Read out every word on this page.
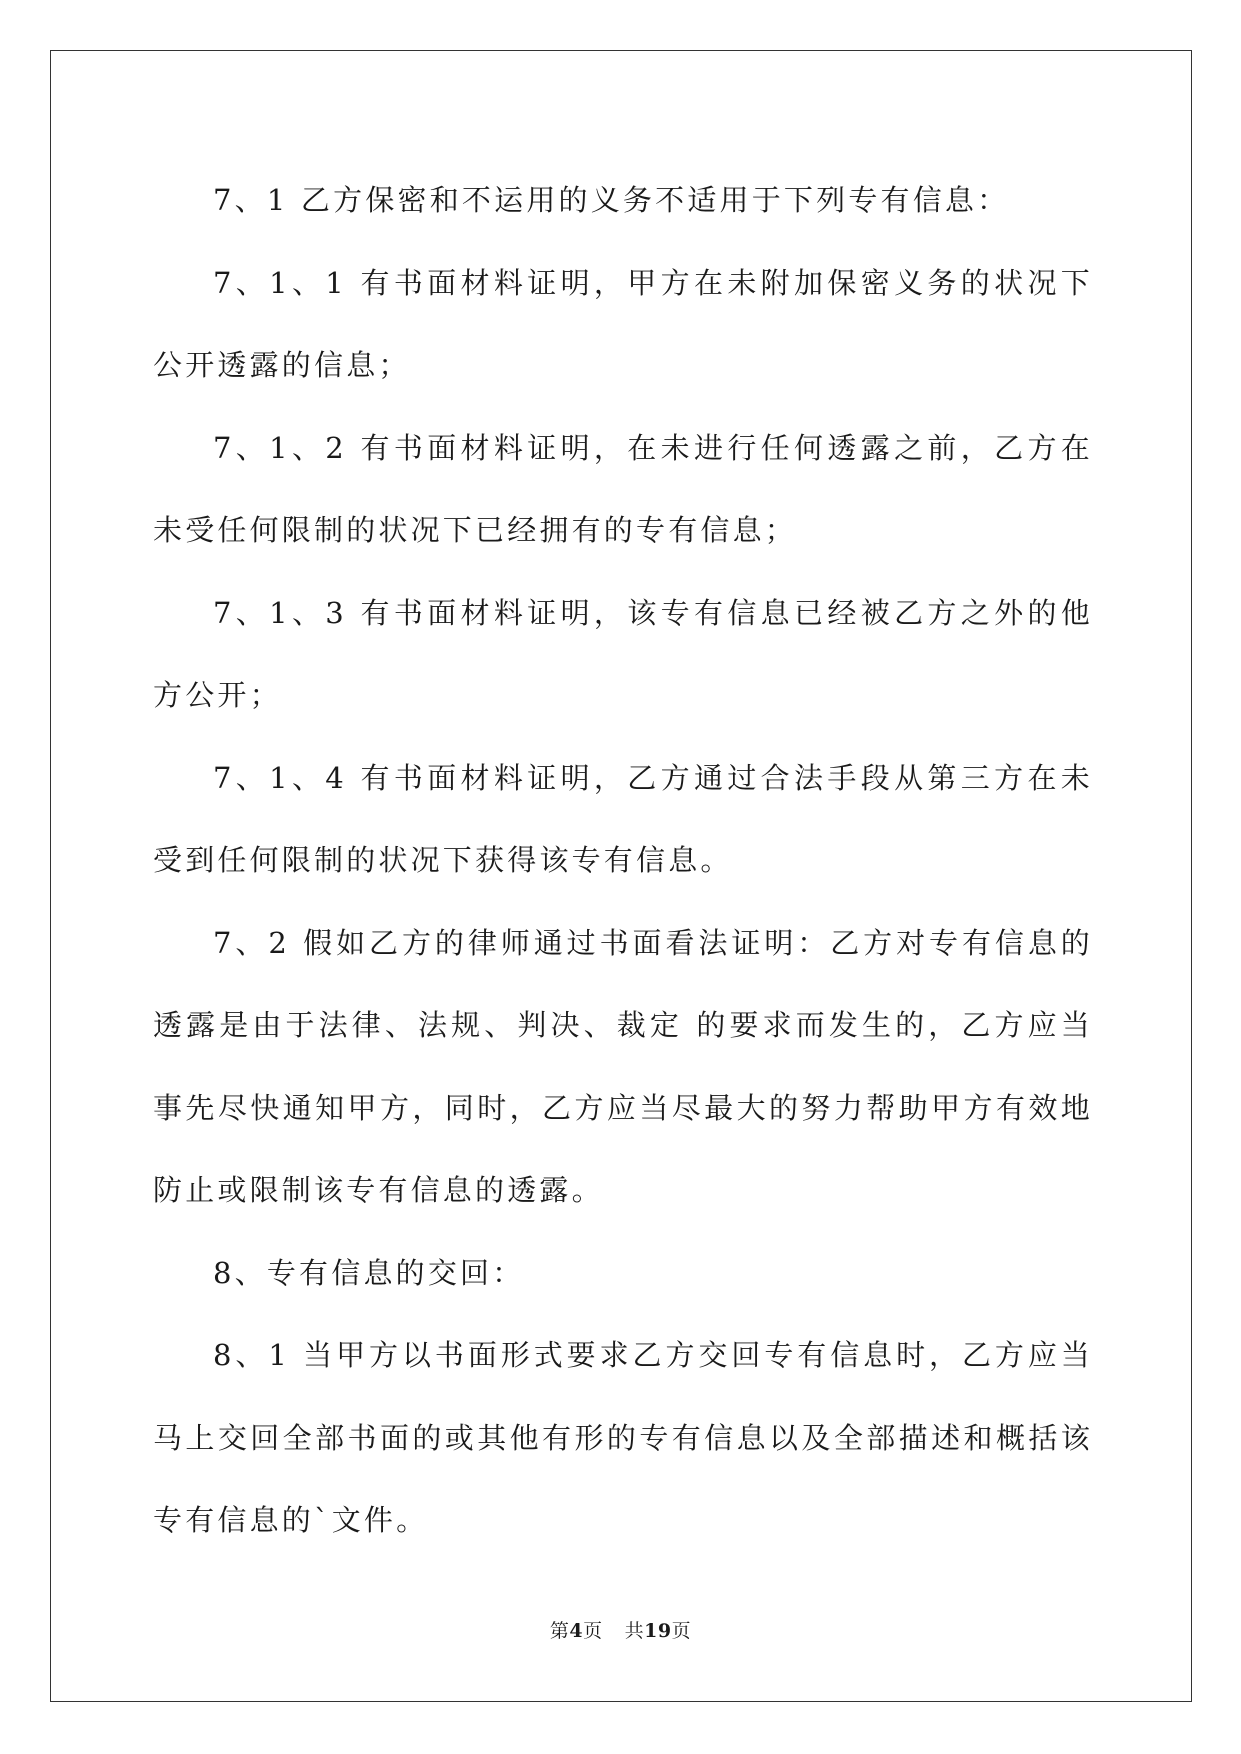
7、1 乙方保密和不运用的义务不适用于下列专有信息：

7、1、1 有书面材料证明，甲方在未附加保密义务的状况下公开透露的信息；

7、1、2 有书面材料证明，在未进行任何透露之前，乙方在未受任何限制的状况下已经拥有的专有信息；

7、1、3 有书面材料证明，该专有信息已经被乙方之外的他方公开；

7、1、4 有书面材料证明，乙方通过合法手段从第三方在未受到任何限制的状况下获得该专有信息。

7、2 假如乙方的律师通过书面看法证明：乙方对专有信息的透露是由于法律、法规、判决、裁定 的要求而发生的，乙方应当事先尽快通知甲方，同时，乙方应当尽最大的努力帮助甲方有效地防止或限制该专有信息的透露。

8、专有信息的交回：

8、1 当甲方以书面形式要求乙方交回专有信息时，乙方应当马上交回全部书面的或其他有形的专有信息以及全部描述和概括该专有信息的`文件。

第4页 共19页
